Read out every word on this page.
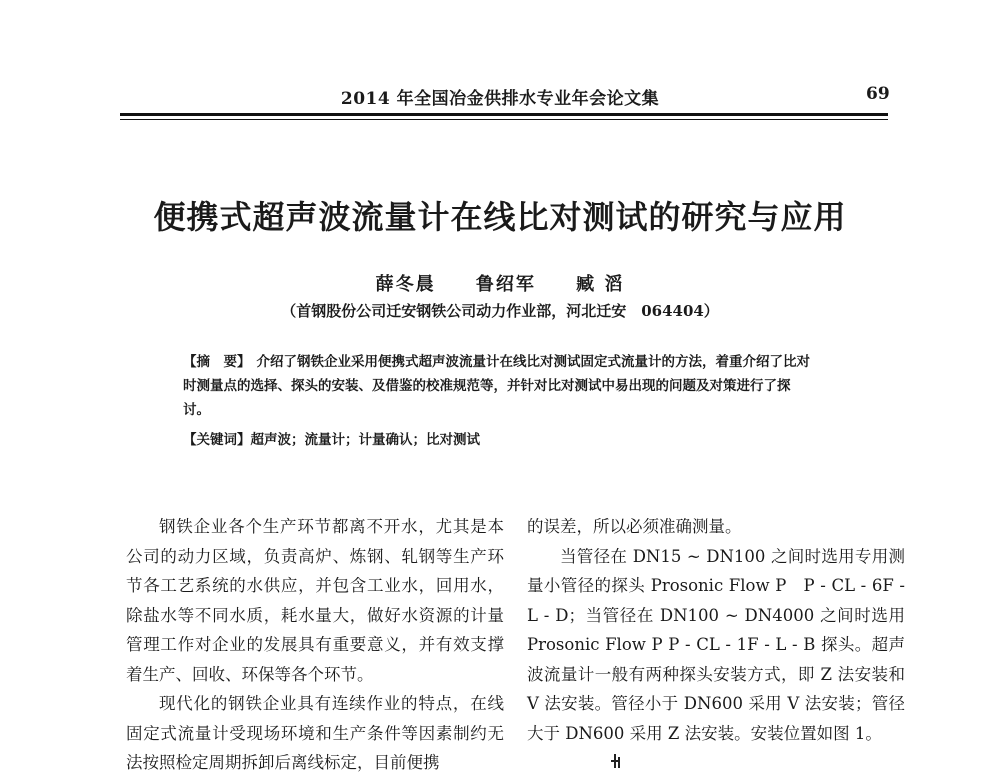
2014 年全国冶金供排水专业年会论文集	69
便携式超声波流量计在线比对测试的研究与应用
薛冬晨 鲁绍军 臧 滔
（首钢股份公司迁安钢铁公司动力作业部，河北迁安　064404）
【摘　要】 介绍了钢铁企业采用便携式超声波流量计在线比对测试固定式流量计的方法，着重介绍了比对时测量点的选择、探头的安装、及借鉴的校准规范等，并针对比对测试中易出现的问题及对策进行了探讨。
【关键词】超声波；流量计；计量确认；比对测试

钢铁企业各个生产环节都离不开水，尤其是本公司的动力区域，负责高炉、炼钢、轧钢等生产环节各工艺系统的水供应，并包含工业水，回用水，除盐水等不同水质，耗水量大，做好水资源的计量管理工作对企业的发展具有重要意义，并有效支撑着生产、回收、环保等各个环节。

现代化的钢铁企业具有连续作业的特点，在线固定式流量计受现场环境和生产条件等因素制约无法按照检定周期拆卸后离线标定，目前便携

的误差，所以必须准确测量。

当管径在 DN15 ~ DN100 之间时选用专用测量小管径的探头 Prosonic Flow P　P - CL - 6F - L - D；当管径在 DN100 ~ DN4000 之间时选用 Prosonic Flow P P - CL - 1F - L - B 探头。超声波流量计一般有两种探头安装方式，即 Z 法安装和 V 法安装。管径小于 DN600 采用 V 法安装；管径大于 DN600 采用 Z 法安装。安装位置如图 1。
